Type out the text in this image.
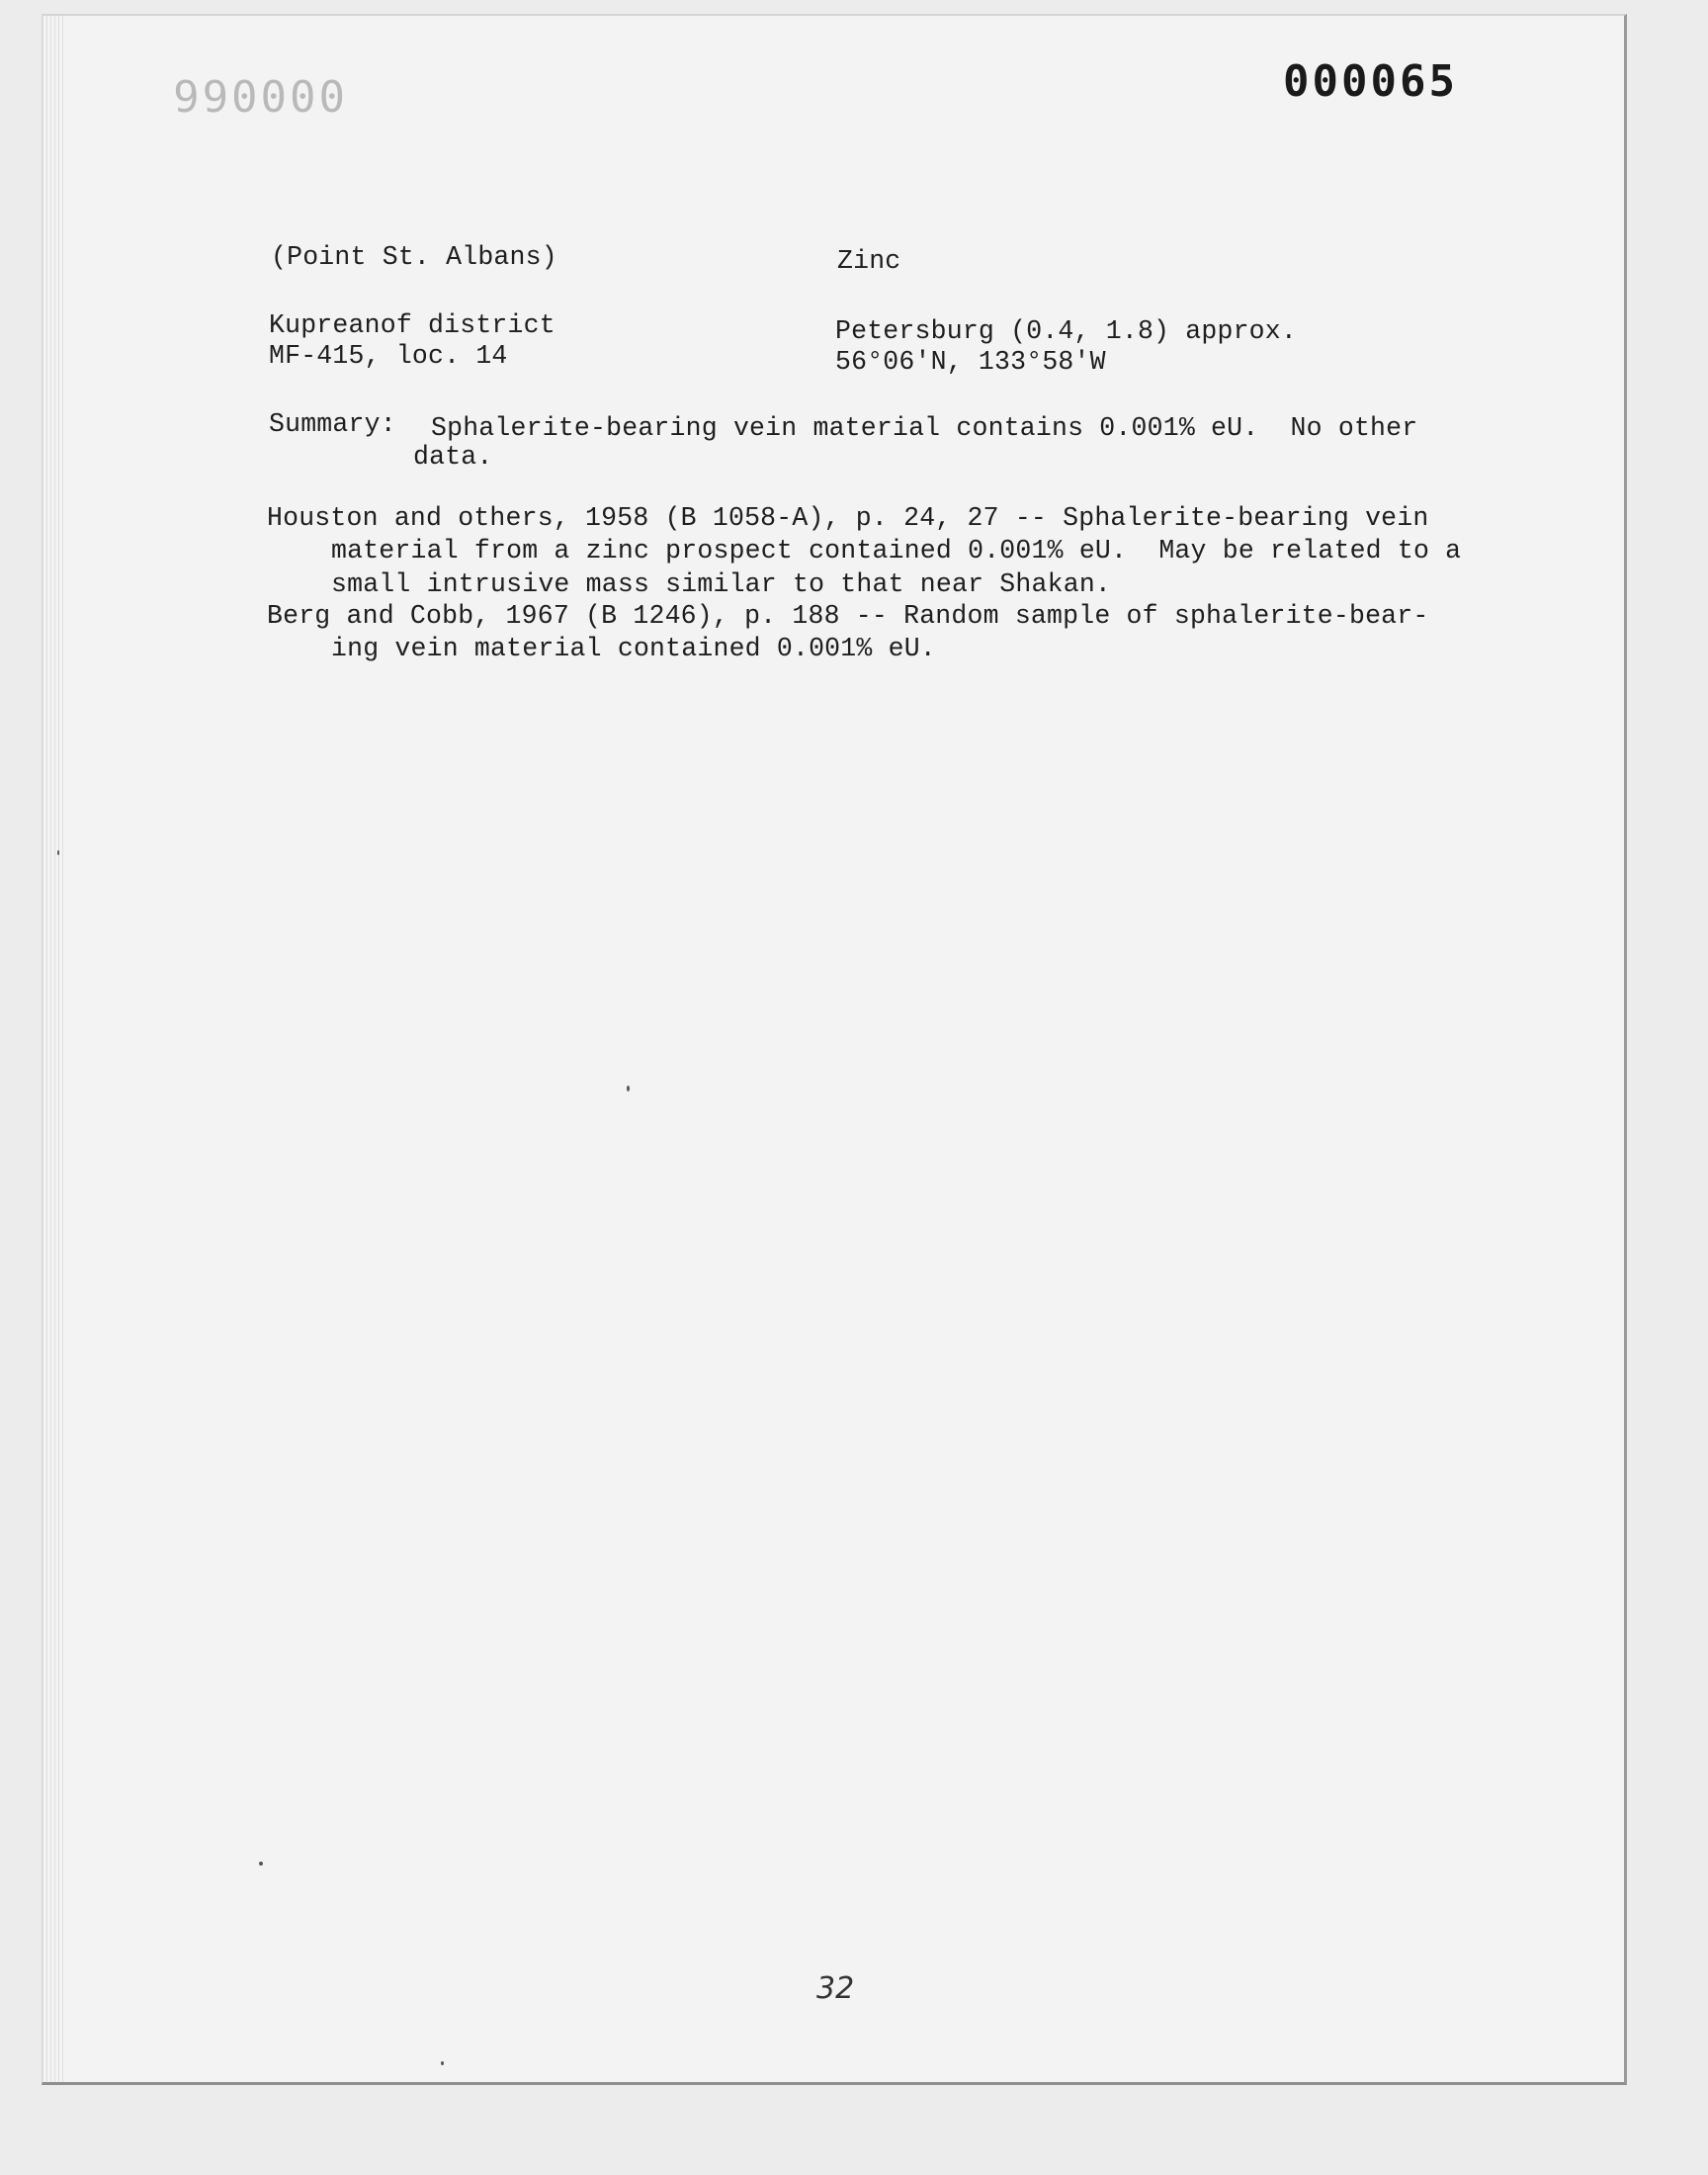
000066	000065
(Point St. Albans)	Zinc
Kupreanof district
MF-415, loc. 14
Petersburg (0.4, 1.8) approx.
56°06'N, 133°58'W
Summary: Sphalerite-bearing vein material contains 0.001% eU.  No other
data.
Houston and others, 1958 (B 1058-A), p. 24, 27 -- Sphalerite-bearing vein
material from a zinc prospect contained 0.001% eU.  May be related to a
small intrusive mass similar to that near Shakan.
Berg and Cobb, 1967 (B 1246), p. 188 -- Random sample of sphalerite-bear-
ing vein material contained 0.001% eU.
32
